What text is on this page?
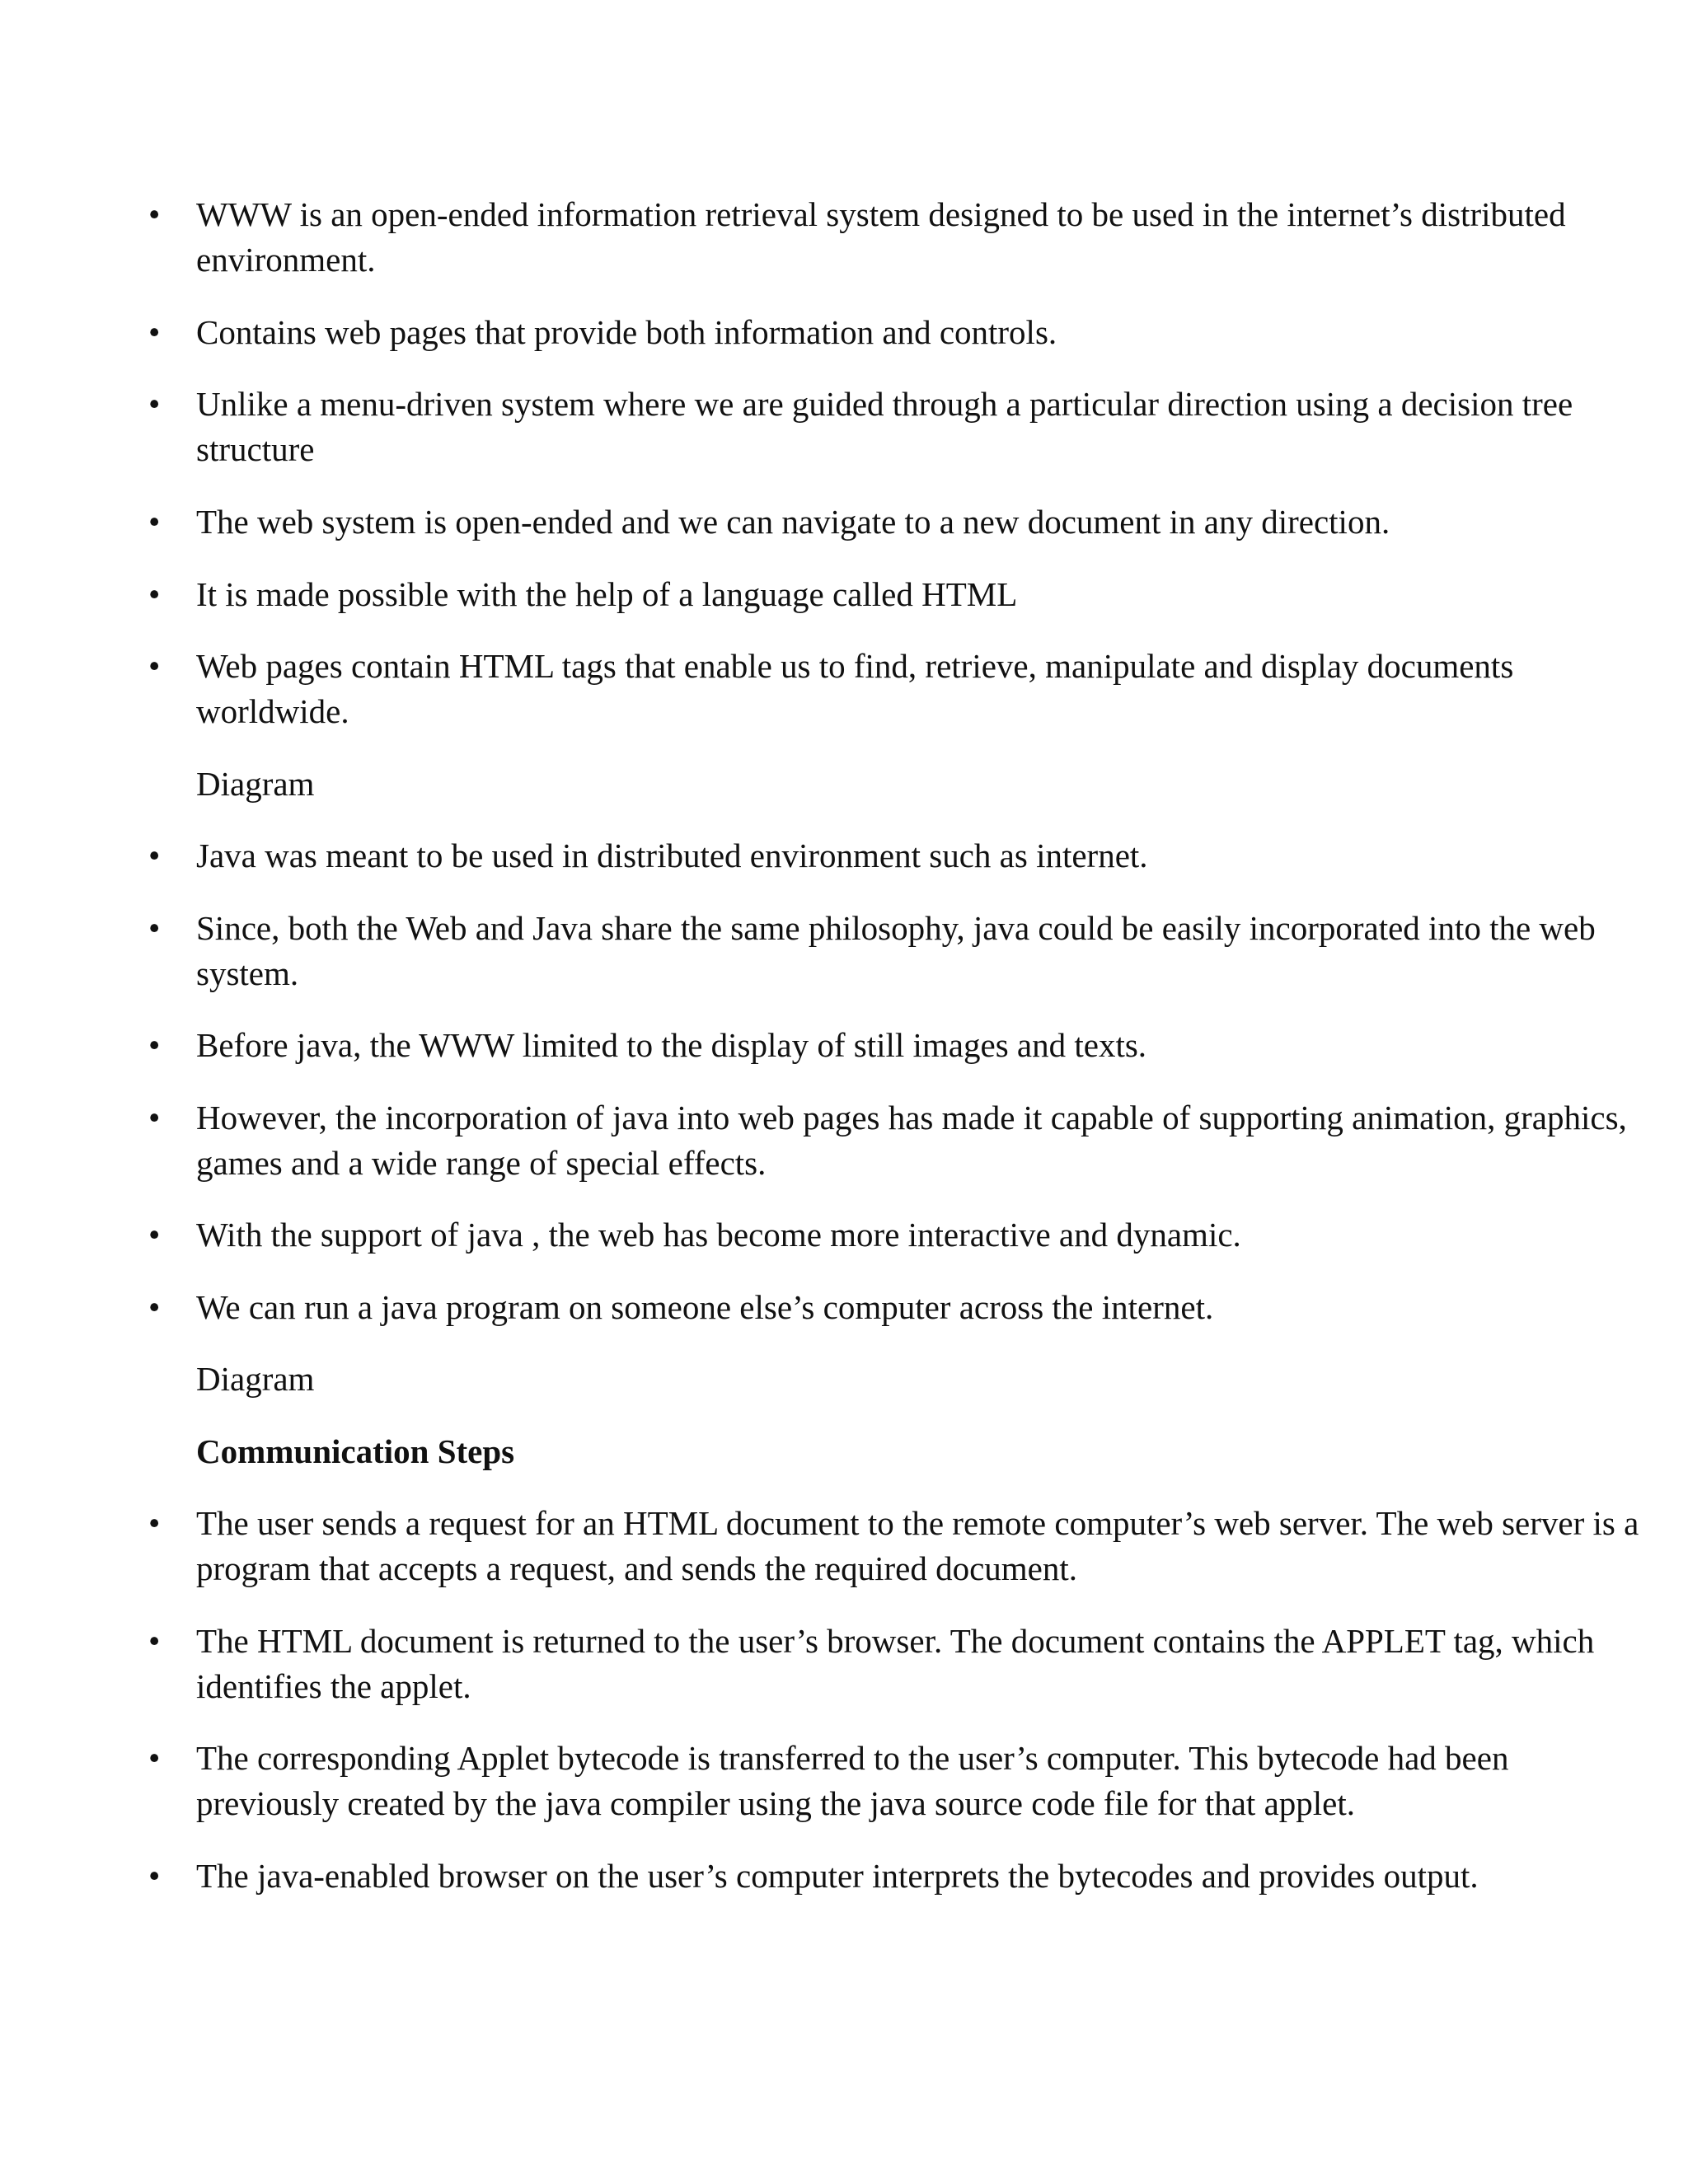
•	WWW is an open-ended information retrieval system designed to be used in the internet’s distributed environment.
•	Contains web pages that provide both information and controls.
•	Unlike a menu-driven system where we are guided through a particular direction using a decision tree structure
•	The web system is open-ended and we can navigate to a new document in any direction.
•	It is made possible with the help of a language called HTML
•	Web pages contain HTML tags that enable us to find, retrieve, manipulate and display documents worldwide.
Diagram
•	Java was meant to be used in distributed environment such as internet.
•	Since, both the Web and Java share the same philosophy, java could be easily incorporated into the web system.
•	Before java, the WWW limited to the display of still images and texts.
•	However, the incorporation of java into web pages has made it capable of supporting animation, graphics, games and a wide range of special effects.
•	With the support of java , the web has become more interactive and dynamic.
•	We can run a java program on someone else’s computer across the internet.
Diagram
Communication Steps
•	The user sends a request for an HTML document to the remote computer’s web server. The web server is a program that accepts a request, and sends the required document.
•	The HTML document is returned to the user’s browser. The document contains the APPLET tag, which identifies the applet.
•	The corresponding Applet bytecode is transferred to the user’s computer. This bytecode had been previously created by the java compiler using the java source code file for that applet.
•	The java-enabled browser on the user’s computer interprets the bytecodes and provides output.
